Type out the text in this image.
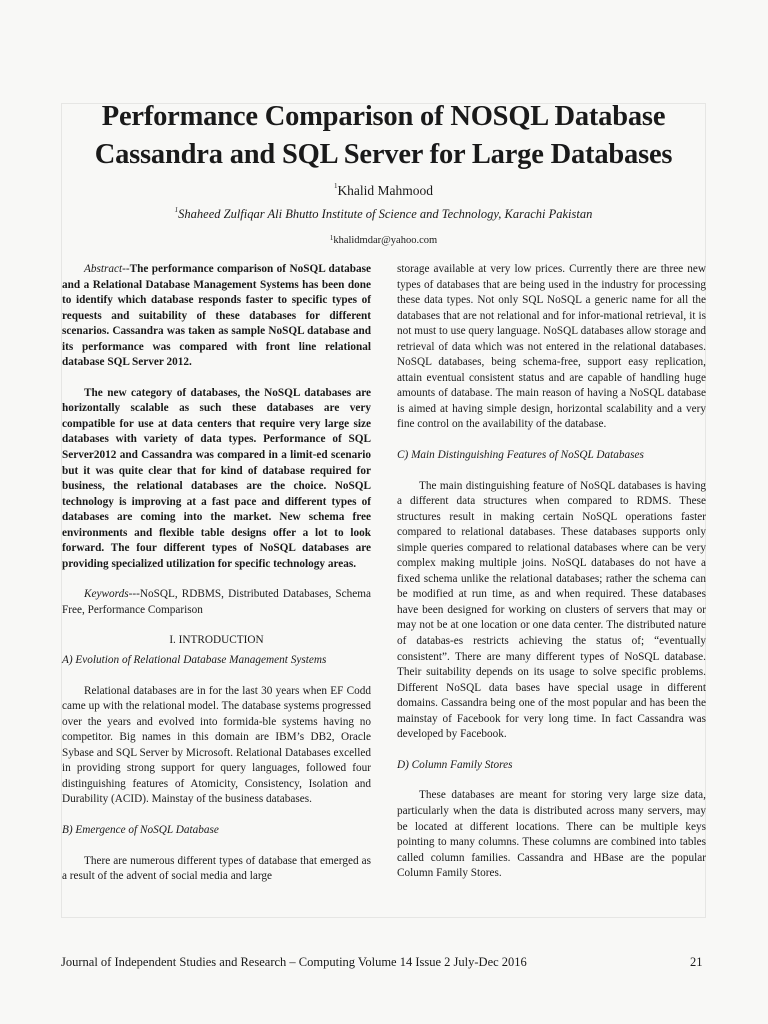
Performance Comparison of NOSQL Database
Cassandra and SQL Server for Large Databases

$^1$Khalid Mahmood

$^1$Shaheed Zulfiqar Ali Bhutto Institute of Science and Technology, Karachi Pakistan

$^1$khalidmdar@yahoo.com

Abstract--The performance comparison of NoSQL database and a Relational Database Management Systems has been done to identify which database responds faster to specific types of requests and suitability of these databases for different scenarios. Cassandra was taken as sample NoSQL database and its performance was compared with front line relational database SQL Server 2012.

The new category of databases, the NoSQL databases are horizontally scalable as such these databases are very compatible for use at data centers that require very large size databases with variety of data types. Performance of SQL Server2012 and Cassandra was compared in a limit-ed scenario but it was quite clear that for kind of database required for business, the relational databases are the choice. NoSQL technology is improving at a fast pace and different types of databases are coming into the market. New schema free environments and flexible table designs offer a lot to look forward. The four different types of NoSQL databases are providing specialized utilization for specific technology areas.

Keywords---NoSQL, RDBMS, Distributed Databases, Schema Free, Performance Comparison

I. INTRODUCTION

A) Evolution of Relational Database Management Systems

Relational databases are in for the last 30 years when EF Codd came up with the relational model. The database systems progressed over the years and evolved into formida-ble systems having no competitor. Big names in this domain are IBM’s DB2, Oracle Sybase and SQL Server by Microsoft. Relational Databases excelled in providing strong support for query languages, followed four distinguishing features of Atomicity, Consistency, Isolation and Durability (ACID). Mainstay of the business databases.

B) Emergence of NoSQL Database

There are numerous different types of database that emerged as a result of the advent of social media and large

storage available at very low prices. Currently there are three new types of databases that are being used in the industry for processing these data types. Not only SQL NoSQL a generic name for all the databases that are not relational and for infor-mational retrieval, it is not must to use query language. NoSQL databases allow storage and retrieval of data which was not entered in the relational databases. NoSQL databases, being schema-free, support easy replication, attain eventual consistent status and are capable of handling huge amounts of database. The main reason of having a NoSQL database is aimed at having simple design, horizontal scalability and a very fine control on the availability of the database.

C) Main Distinguishing Features of NoSQL Databases

The main distinguishing feature of NoSQL databases is having a different data structures when compared to RDMS. These structures result in making certain NoSQL operations faster compared to relational databases. These databases supports only simple queries compared to relational databases where can be very complex making multiple joins. NoSQL databases do not have a fixed schema unlike the relational databases; rather the schema can be modified at run time, as and when required. These databases have been designed for working on clusters of servers that may or may not be at one location or one data center. The distributed nature of databas-es restricts achieving the status of; “eventually consistent”. There are many different types of NoSQL database. Their suitability depends on its usage to solve specific problems. Different NoSQL data bases have special usage in different domains. Cassandra being one of the most popular and has been the mainstay of Facebook for very long time. In fact Cassandra was developed by Facebook.

D) Column Family Stores

These databases are meant for storing very large size data, particularly when the data is distributed across many servers, may be located at different locations. There can be multiple keys pointing to many columns. These columns are combined into tables called column families. Cassandra and HBase are the popular Column Family Stores.

Journal of Independent Studies and Research – Computing Volume 14 Issue 2 July-Dec 2016	21
